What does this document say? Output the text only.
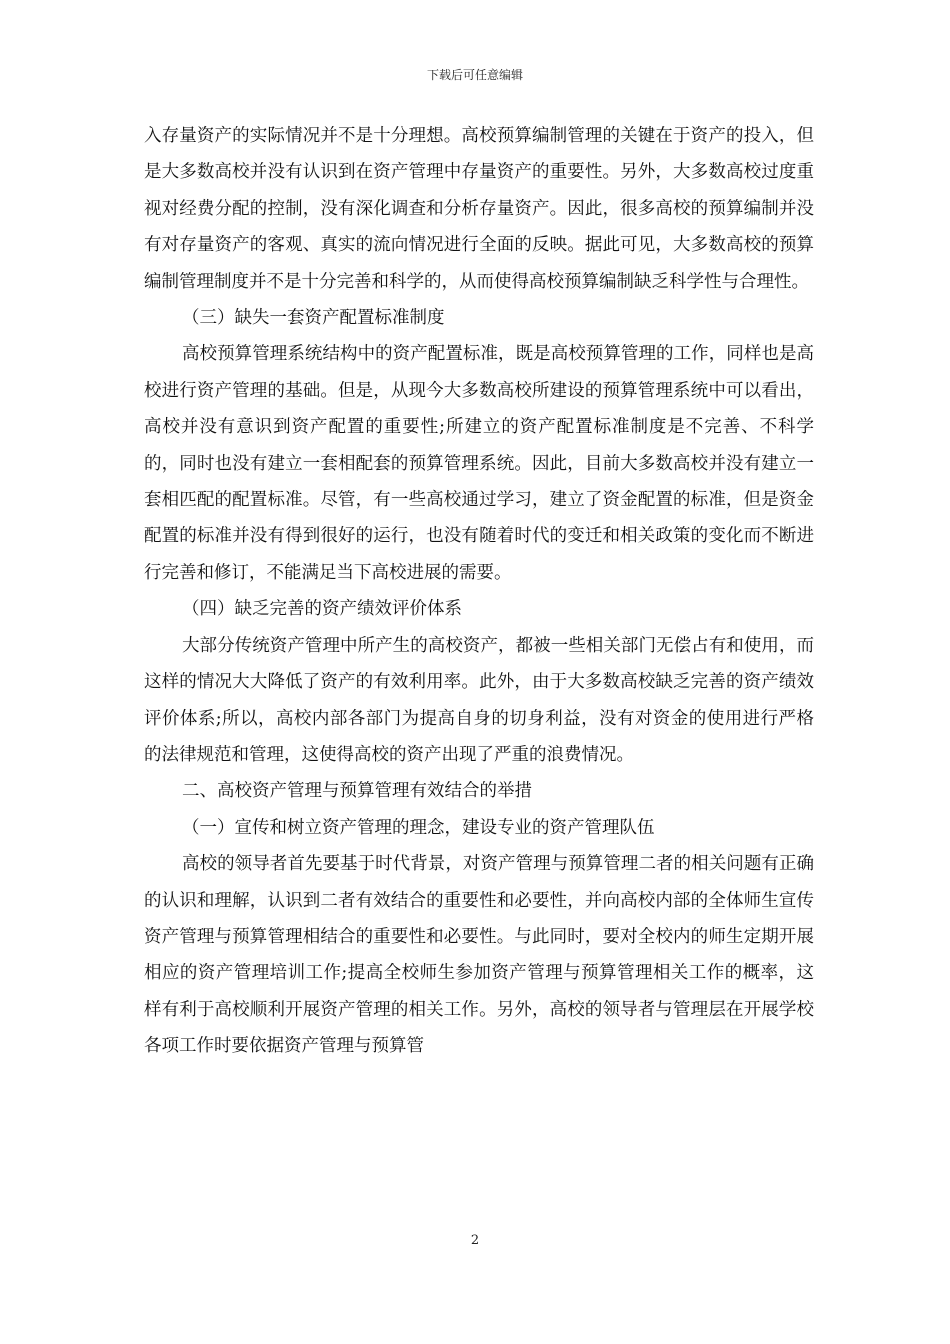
下载后可任意编辑

入存量资产的实际情况并不是十分理想。高校预算编制管理的关键在于资产的投入，但是大多数高校并没有认识到在资产管理中存量资产的重要性。另外，大多数高校过度重视对经费分配的控制，没有深化调查和分析存量资产。因此，很多高校的预算编制并没有对存量资产的客观、真实的流向情况进行全面的反映。据此可见，大多数高校的预算编制管理制度并不是十分完善和科学的，从而使得高校预算编制缺乏科学性与合理性。

（三）缺失一套资产配置标准制度

高校预算管理系统结构中的资产配置标准，既是高校预算管理的工作，同样也是高校进行资产管理的基础。但是，从现今大多数高校所建设的预算管理系统中可以看出，高校并没有意识到资产配置的重要性;所建立的资产配置标准制度是不完善、不科学的，同时也没有建立一套相配套的预算管理系统。因此，目前大多数高校并没有建立一套相匹配的配置标准。尽管，有一些高校通过学习，建立了资金配置的标准，但是资金配置的标准并没有得到很好的运行，也没有随着时代的变迁和相关政策的变化而不断进行完善和修订，不能满足当下高校进展的需要。

（四）缺乏完善的资产绩效评价体系

大部分传统资产管理中所产生的高校资产，都被一些相关部门无偿占有和使用，而这样的情况大大降低了资产的有效利用率。此外，由于大多数高校缺乏完善的资产绩效评价体系;所以，高校内部各部门为提高自身的切身利益，没有对资金的使用进行严格的法律规范和管理，这使得高校的资产出现了严重的浪费情况。

二、高校资产管理与预算管理有效结合的举措

（一）宣传和树立资产管理的理念，建设专业的资产管理队伍

高校的领导者首先要基于时代背景，对资产管理与预算管理二者的相关问题有正确的认识和理解，认识到二者有效结合的重要性和必要性，并向高校内部的全体师生宣传资产管理与预算管理相结合的重要性和必要性。与此同时，要对全校内的师生定期开展相应的资产管理培训工作;提高全校师生参加资产管理与预算管理相关工作的概率，这样有利于高校顺利开展资产管理的相关工作。另外，高校的领导者与管理层在开展学校各项工作时要依据资产管理与预算管

2
